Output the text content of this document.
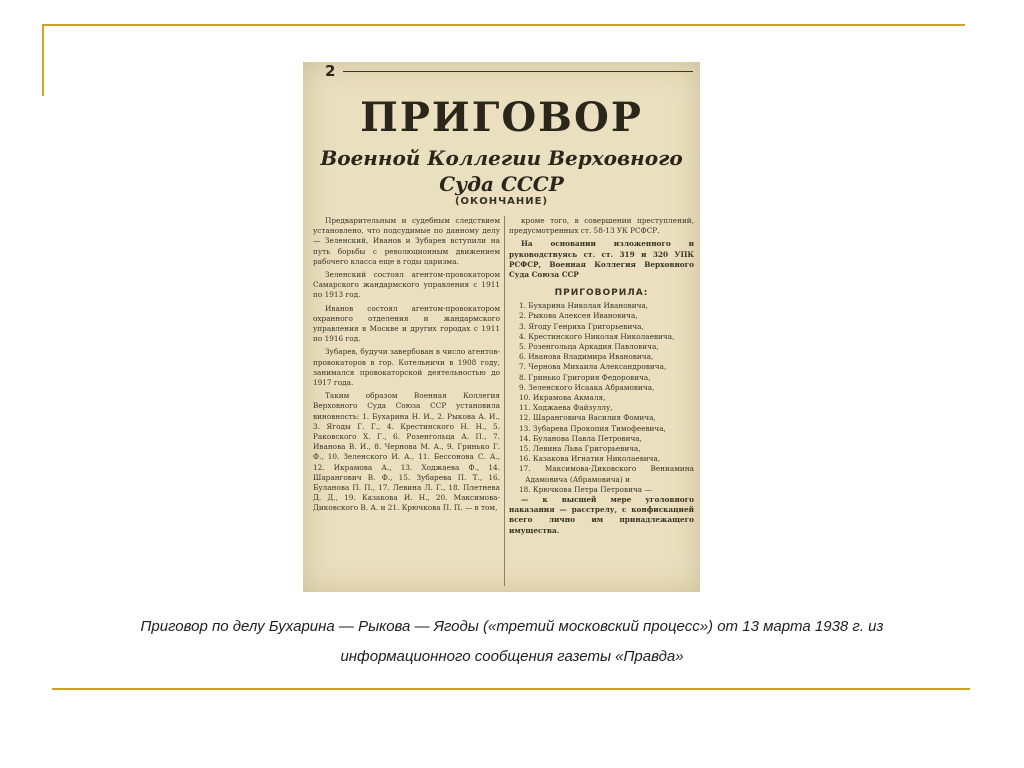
2
ПРИГОВОР
Военной Коллегии Верховного
Суда СССР
(ОКОНЧАНИЕ)

Предварительным и судебным следствием установлено, что подсудимые по данному делу — Зеленский, Иванов и Зубарев вступили на путь борьбы с революционным движением рабочего класса еще в годы царизма.

Зеленский состоял агентом-провокатором Самарского жандармского управления с 1911 по 1913 год.

Иванов состоял агентом-провокатором охранного отделения и жандармского управления в Москве и других городах с 1911 по 1916 год.

Зубарев, будучи завербован в число агентов-провокаторов в гор. Котельничи в 1908 году, занимался провокаторской деятельностью до 1917 года.

Таким образом Военная Коллегия Верховного Суда Союза ССР установила виновность: 1. Бухарина Н. И., 2. Рыкова А. И., 3. Ягоды Г. Г., 4. Крестинского Н. Н., 5. Раковского Х. Г., 6. Розенгольца А. П., 7. Иванова В. И., 8. Чернова М. А., 9. Гринько Г. Ф., 10. Зеленского И. А., 11. Бессонова С. А., 12. Икрамова А., 13. Ходжаева Ф., 14. Шарангович В. Ф., 15. Зубарева П. Т., 16. Буланова П. П., 17. Левина Л. Г., 18. Плетнева Д. Д., 19. Казакова И. Н., 20. Максимова-Диковского В. А. и 21. Крючкова П. П. — в том,

кроме того, в совершении преступлений, предусмотренных ст. 58-13 УК РСФСР.

На основании изложенного и руководствуясь ст. ст. 319 и 320 УПК РСФСР, Военная Коллегия Верховного Суда Союза ССР

ПРИГОВОРИЛА:
1. Бухарина Николая Ивановича,
2. Рыкова Алексея Ивановича,
3. Ягоду Генриха Григорьевича,
4. Крестинского Николая Николаевича,
5. Розенгольца Аркадия Павловича,
6. Иванова Владимира Ивановича,
7. Чернова Михаила Александровича,
8. Гринько Григория Федоровича,
9. Зеленского Исаака Абрамовича,
10. Икрамова Акмаля,
11. Ходжаева Файзуллу,
12. Шаранговича Василия Фомича,
13. Зубарева Прокопия Тимофеевича,
14. Буланова Павла Петровича,
15. Левина Льва Григорьевича,
16. Казакова Игнатия Николаевича,
17. Максимова-Диковского Вениамина Адамовича (Абрамовича) и
18. Крючкова Петра Петровича —

— к высшей мере уголовного наказания — расстрелу, с конфискацией всего лично им принадлежащего имущества.

Приговор по делу Бухарина — Рыкова — Ягоды («третий московский процесс») от 13 марта 1938 г. из
информационного сообщения газеты «Правда»
